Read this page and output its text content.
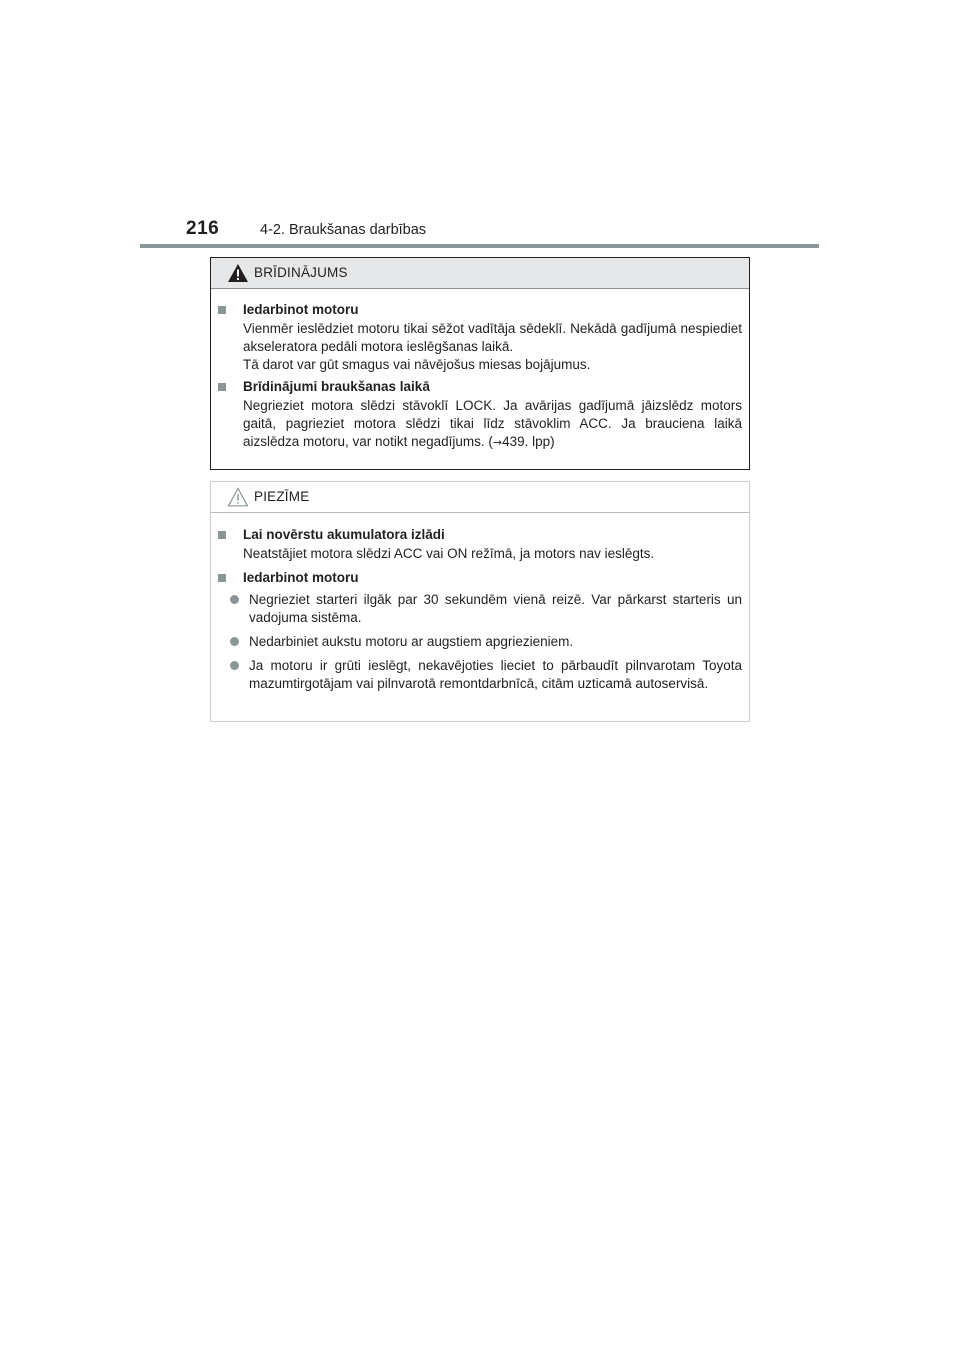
216	4-2. Braukšanas darbības
BRĪDINĀJUMS
Iedarbinot motoru
Vienmēr ieslēdziet motoru tikai sēžot vadītāja sēdeklī. Nekādā gadījumā nespiediet akseleratora pedāli motora ieslēgšanas laikā.
Tā darot var gūt smagus vai nāvējošus miesas bojājumus.
Brīdinājumi braukšanas laikā
Negrieziet motora slēdzi stāvoklī LOCK. Ja avārijas gadījumā jāizslēdz motors gaitā, pagrieziet motora slēdzi tikai līdz stāvoklim ACC. Ja brauciena laikā aizslēdza motoru, var notikt negadījums. (→439. lpp)
PIEZĪME
Lai novērstu akumulatora izlādi
Neatstājiet motora slēdzi ACC vai ON režīmā, ja motors nav ieslēgts.
Iedarbinot motoru
Negrieziet starteri ilgāk par 30 sekundēm vienā reizē. Var pārkarst starteris un vadojuma sistēma.
Nedarbiniet aukstu motoru ar augstiem apgriezieniem.
Ja motoru ir grūti ieslēgt, nekavējoties lieciet to pārbaudīt pilnvarotam Toyota mazumtirgotājam vai pilnvarotā remontdarbnīcā, citām uzticamā autoservisā.
